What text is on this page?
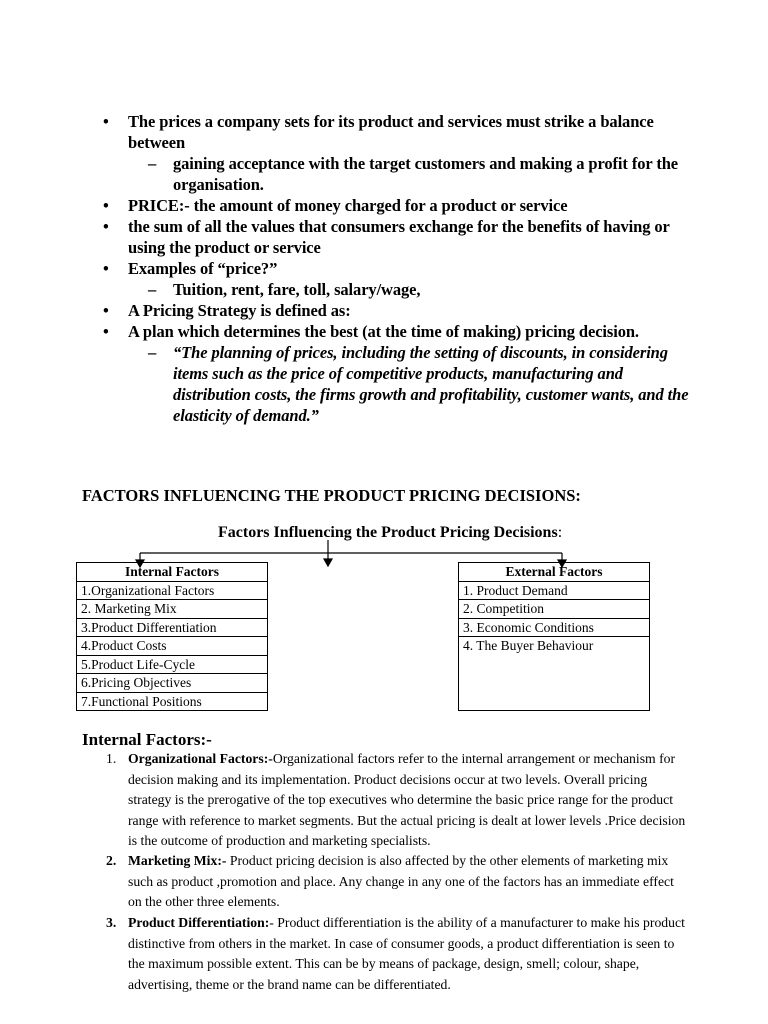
• The prices a company sets for its product and services must strike a balance
between
– gaining acceptance with the target customers and making a profit for the
organisation.
• PRICE:- the amount of money charged for a product or service
• the sum of all the values that consumers exchange for the benefits of having or
using the product or service
• Examples of “price?”
– Tuition, rent, fare, toll, salary/wage,
• A Pricing Strategy is defined as:
• A plan which determines the best (at the time of making) pricing decision.
– “The planning of prices, including the setting of discounts, in considering
items such as the price of competitive products, manufacturing and
distribution costs, the firms growth and profitability, customer wants, and the
elasticity of demand.”
FACTORS INFLUENCING THE PRODUCT PRICING DECISIONS:
Factors Influencing the Product Pricing Decisions:
Internal Factors
1.Organizational Factors
2. Marketing Mix
3.Product Differentiation
4.Product Costs
5.Product Life-Cycle
6.Pricing Objectives
7.Functional Positions
External Factors
1. Product Demand
2. Competition
3. Economic Conditions
4. The Buyer Behaviour
Internal Factors:-
1. Organizational Factors:-Organizational factors refer to the internal arrangement or mechanism for
decision making and its implementation. Product decisions occur at two levels. Overall pricing
strategy is the prerogative of the top executives who determine the basic price range for the product
range with reference to market segments. But the actual pricing is dealt at lower levels .Price decision
is the outcome of production and marketing specialists.
2. Marketing Mix:- Product pricing decision is also affected by the other elements of marketing mix
such as product ,promotion and place. Any change in any one of the factors has an immediate effect
on the other three elements.
3. Product Differentiation:- Product differentiation is the ability of a manufacturer to make his product
distinctive from others in the market. In case of consumer goods, a product differentiation is seen to
the maximum possible extent. This can be by means of package, design, smell; colour, shape,
advertising, theme or the brand name can be differentiated.
